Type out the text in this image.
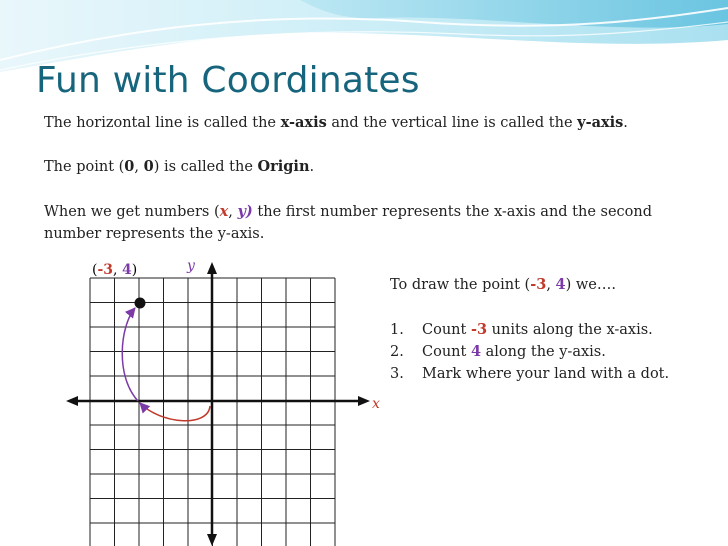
Fun with Coordinates

The horizontal line is called the x-axis and the vertical line is called the y-axis.

The point (0, 0) is called the Origin.

When we get numbers (x, y) the first number represents the x-axis and the second
number represents the y-axis.

(-3, 4)	y
x

To draw the point (-3, 4) we….

1. Count -3 units along the x-axis.
2. Count 4 along the y-axis.
3. Mark where your land with a dot.
